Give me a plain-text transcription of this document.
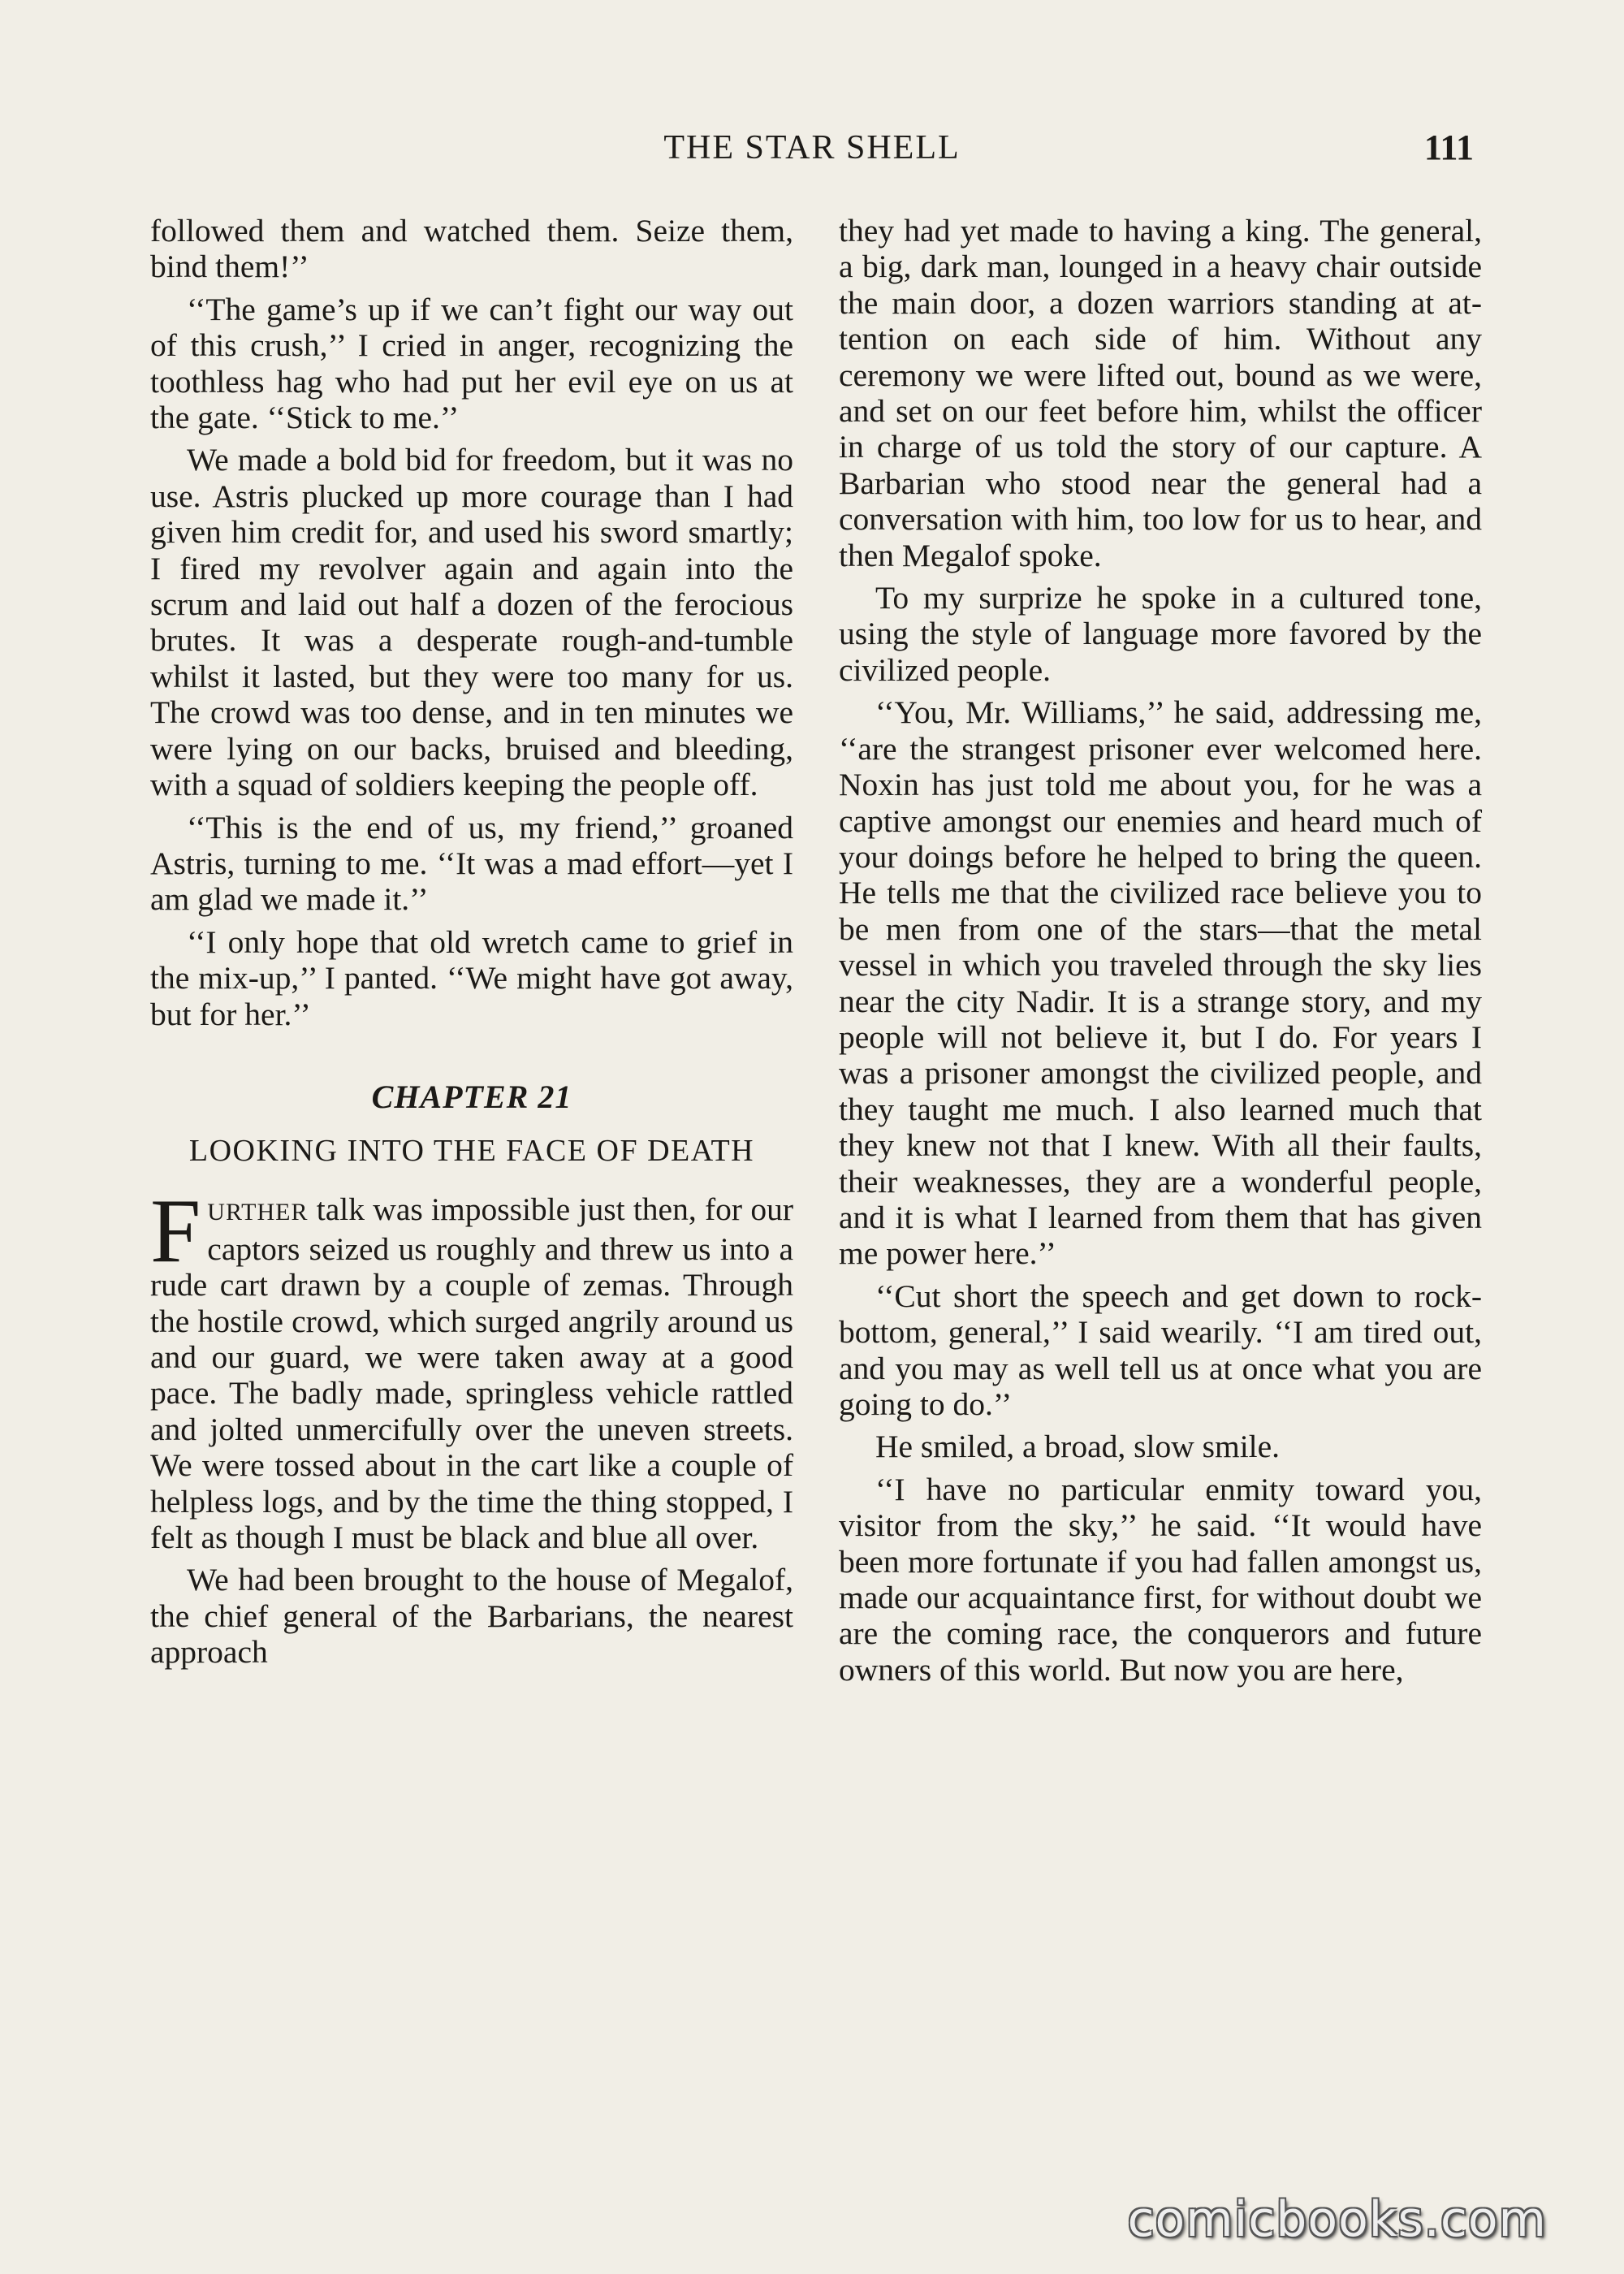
THE STAR SHELL	111

followed them and watched them. Seize them, bind them!’’

‘‘The game’s up if we can’t fight our way out of this crush,’’ I cried in anger, recognizing the toothless hag who had put her evil eye on us at the gate. ‘‘Stick to me.’’

We made a bold bid for freedom, but it was no use. Astris plucked up more courage than I had given him credit for, and used his sword smartly; I fired my revolver again and again into the scrum and laid out half a dozen of the ferocious brutes. It was a desperate rough-and-tumble whilst it lasted, but they were too many for us. The crowd was too dense, and in ten minutes we were lying on our backs, bruised and bleeding, with a squad of soldiers keeping the people off.

‘‘This is the end of us, my friend,’’ groaned Astris, turning to me. ‘‘It was a mad effort—yet I am glad we made it.’’

‘‘I only hope that old wretch came to grief in the mix-up,’’ I panted. ‘‘We might have got away, but for her.’’

CHAPTER 21
LOOKING INTO THE FACE OF DEATH

FURTHER talk was impossible just then, for our captors seized us roughly and threw us into a rude cart drawn by a couple of zemas. Through the hostile crowd, which surged angrily around us and our guard, we were taken away at a good pace. The badly made, springless vehicle rattled and jolted unmercifully over the uneven streets. We were tossed about in the cart like a couple of helpless logs, and by the time the thing stopped, I felt as though I must be black and blue all over.

We had been brought to the house of Megalof, the chief general of the Barbarians, the nearest approach

they had yet made to having a king. The general, a big, dark man, lounged in a heavy chair outside the main door, a dozen warriors standing at attention on each side of him. Without any ceremony we were lifted out, bound as we were, and set on our feet before him, whilst the officer in charge of us told the story of our capture. A Barbarian who stood near the general had a conversation with him, too low for us to hear, and then Megalof spoke.

To my surprize he spoke in a cultured tone, using the style of language more favored by the civilized people.

‘‘You, Mr. Williams,’’ he said, addressing me, ‘‘are the strangest prisoner ever welcomed here. Noxin has just told me about you, for he was a captive amongst our enemies and heard much of your doings before he helped to bring the queen. He tells me that the civilized race believe you to be men from one of the stars—that the metal vessel in which you traveled through the sky lies near the city Nadir. It is a strange story, and my people will not believe it, but I do. For years I was a prisoner amongst the civilized people, and they taught me much. I also learned much that they knew not that I knew. With all their faults, their weaknesses, they are a wonderful people, and it is what I learned from them that has given me power here.’’

‘‘Cut short the speech and get down to rock-bottom, general,’’ I said wearily. ‘‘I am tired out, and you may as well tell us at once what you are going to do.’’

He smiled, a broad, slow smile.

‘‘I have no particular enmity toward you, visitor from the sky,’’ he said. ‘‘It would have been more fortunate if you had fallen amongst us, made our acquaintance first, for without doubt we are the coming race, the conquerors and future owners of this world. But now you are here,

comicbooks.com
